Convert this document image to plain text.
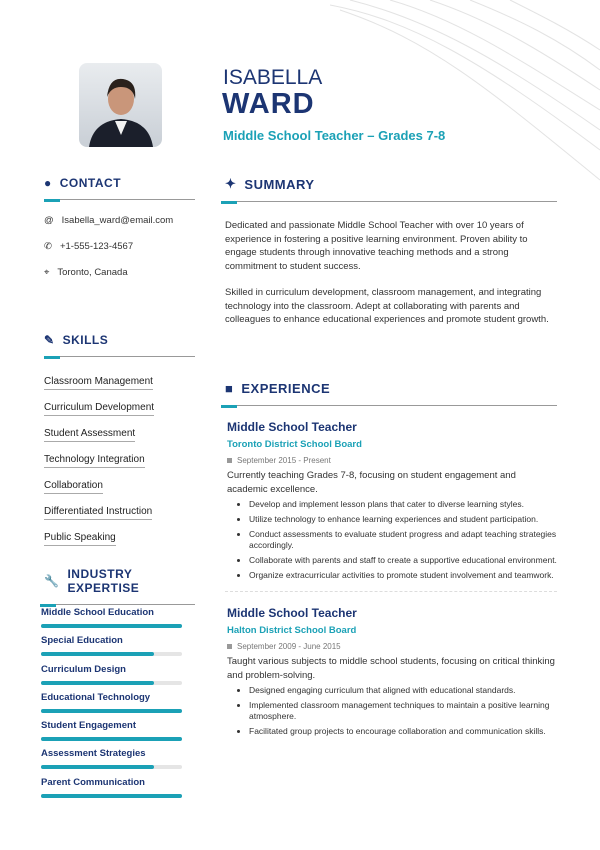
ISABELLA
WARD
Middle School Teacher – Grades 7-8
● CONTACT
@ Isabella_ward@email.com
✆ +1-555-123-4567
⌖ Toronto, Canada
✎ SKILLS
Classroom Management
Curriculum Development
Student Assessment
Technology Integration
Collaboration
Differentiated Instruction
Public Speaking
🔧 INDUSTRY EXPERTISE
Middle School Education
Special Education
Curriculum Design
Educational Technology
Student Engagement
Assessment Strategies
Parent Communication
✦ SUMMARY

Dedicated and passionate Middle School Teacher with over 10 years of experience in fostering a positive learning environment. Proven ability to engage students through innovative teaching methods and a strong commitment to student success.

Skilled in curriculum development, classroom management, and integrating technology into the classroom. Adept at collaborating with parents and colleagues to enhance educational experiences and promote student growth.

■ EXPERIENCE
Middle School Teacher
Toronto District School Board
September 2015 - Present

Currently teaching Grades 7-8, focusing on student engagement and academic excellence.

• Develop and implement lesson plans that cater to diverse learning styles.
• Utilize technology to enhance learning experiences and student participation.
• Conduct assessments to evaluate student progress and adapt teaching strategies accordingly.
• Collaborate with parents and staff to create a supportive educational environment.
• Organize extracurricular activities to promote student involvement and teamwork.
Middle School Teacher
Halton District School Board
September 2009 - June 2015

Taught various subjects to middle school students, focusing on critical thinking and problem-solving.

• Designed engaging curriculum that aligned with educational standards.
• Implemented classroom management techniques to maintain a positive learning atmosphere.
• Facilitated group projects to encourage collaboration and communication skills.
